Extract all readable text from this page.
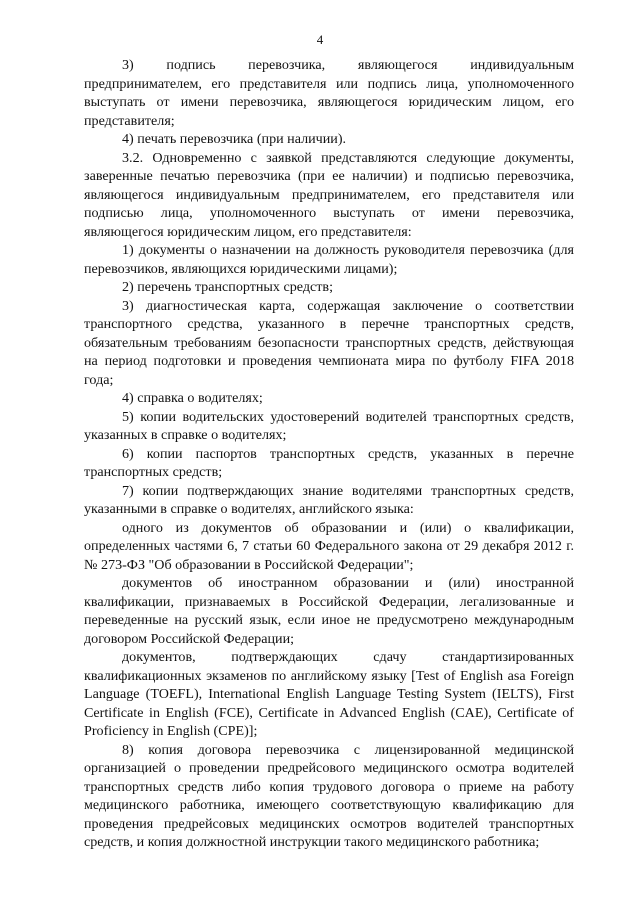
4

3) подпись перевозчика, являющегося индивидуальным предпринимателем, его представителя или подпись лица, уполномоченного выступать от имени перевозчика, являющегося юридическим лицом, его представителя;

4) печать перевозчика (при наличии).

3.2. Одновременно с заявкой представляются следующие документы, заверенные печатью перевозчика (при ее наличии) и подписью перевозчика, являющегося индивидуальным предпринимателем, его представителя или подписью лица, уполномоченного выступать от имени перевозчика, являющегося юридическим лицом, его представителя:

1) документы о назначении на должность руководителя перевозчика (для перевозчиков, являющихся юридическими лицами);

2) перечень транспортных средств;

3) диагностическая карта, содержащая заключение о соответствии транспортного средства, указанного в перечне транспортных средств, обязательным требованиям безопасности транспортных средств, действующая на период подготовки и проведения чемпионата мира по футболу FIFA 2018 года;

4) справка о водителях;

5) копии водительских удостоверений водителей транспортных средств, указанных в справке о водителях;

6) копии паспортов транспортных средств, указанных в перечне транспортных средств;

7) копии подтверждающих знание водителями транспортных средств, указанными в справке о водителях, английского языка:

одного из документов об образовании и (или) о квалификации, определенных частями 6, 7 статьи 60 Федерального закона от 29 декабря 2012 г. № 273-ФЗ "Об образовании в Российской Федерации";

документов об иностранном образовании и (или) иностранной квалификации, признаваемых в Российской Федерации, легализованные и переведенные на русский язык, если иное не предусмотрено международным договором Российской Федерации;

документов, подтверждающих сдачу стандартизированных квалификационных экзаменов по английскому языку [Test of English asa Foreign Language (TOEFL), International English Language Testing System (IELTS), First Certificate in English (FCE), Certificate in Advanced English (CAE), Certificate of Proficiency in English (CPE)];

8) копия договора перевозчика с лицензированной медицинской организацией о проведении предрейсового медицинского осмотра водителей транспортных средств либо копия трудового договора о приеме на работу медицинского работника, имеющего соответствующую квалификацию для проведения предрейсовых медицинских осмотров водителей транспортных средств, и копия должностной инструкции такого медицинского работника;
